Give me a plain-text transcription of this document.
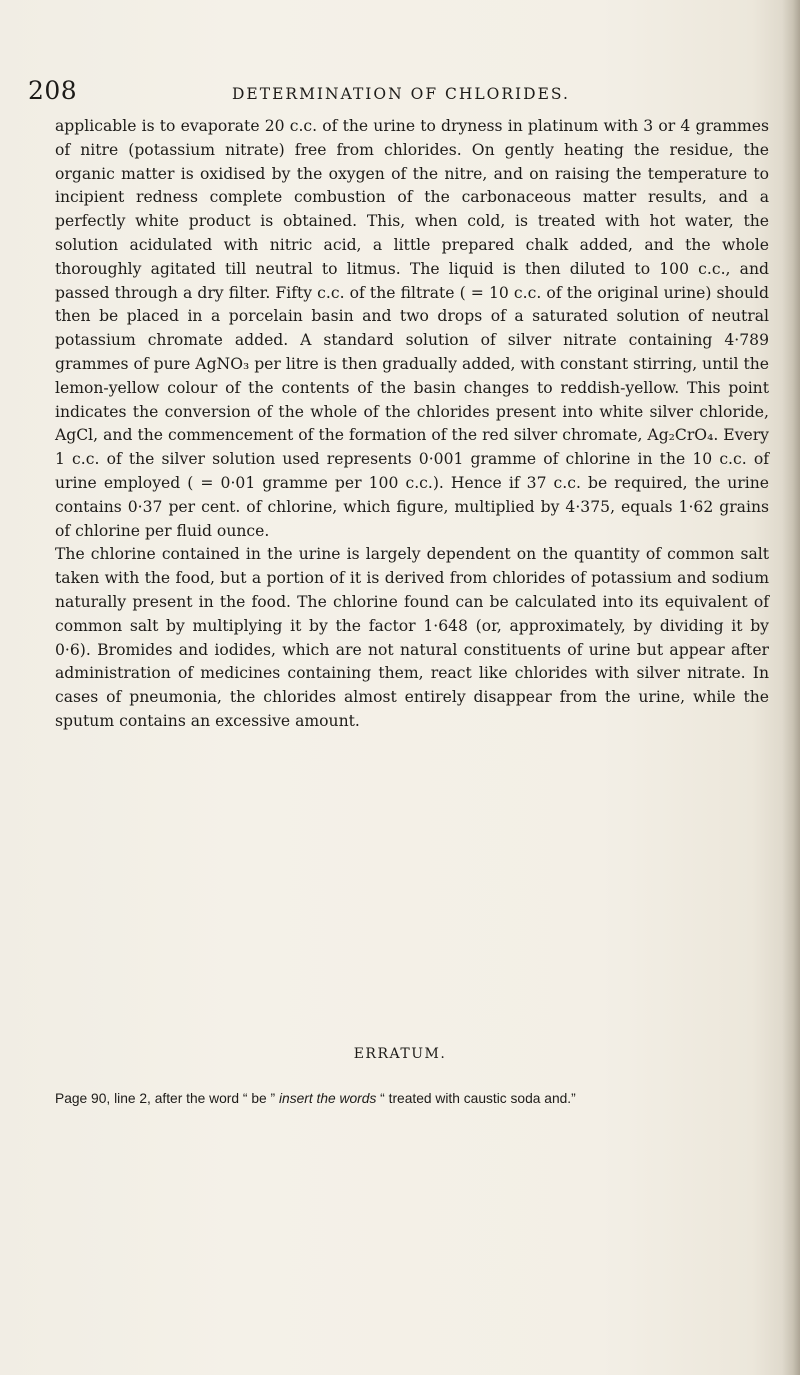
208	DETERMINATION OF CHLORIDES.

applicable is to evaporate 20 c.c. of the urine to dryness in platinum with 3 or 4 grammes of nitre (potassium nitrate) free from chlorides. On gently heating the residue, the organic matter is oxidised by the oxygen of the nitre, and on raising the temperature to incipient redness complete combustion of the carbonaceous matter results, and a perfectly white product is obtained. This, when cold, is treated with hot water, the solution acidulated with nitric acid, a little prepared chalk added, and the whole thoroughly agitated till neutral to litmus. The liquid is then diluted to 100 c.c., and passed through a dry filter. Fifty c.c. of the filtrate ( = 10 c.c. of the original urine) should then be placed in a porcelain basin and two drops of a saturated solution of neutral potassium chromate added. A standard solution of silver nitrate containing 4·789 grammes of pure AgNO₃ per litre is then gradually added, with constant stirring, until the lemon-yellow colour of the contents of the basin changes to reddish-yellow. This point indicates the conversion of the whole of the chlorides present into white silver chloride, AgCl, and the commencement of the formation of the red silver chromate, Ag₂CrO₄. Every 1 c.c. of the silver solution used represents 0·001 gramme of chlorine in the 10 c.c. of urine employed ( = 0·01 gramme per 100 c.c.). Hence if 37 c.c. be required, the urine contains 0·37 per cent. of chlorine, which figure, multiplied by 4·375, equals 1·62 grains of chlorine per fluid ounce.

The chlorine contained in the urine is largely dependent on the quantity of common salt taken with the food, but a portion of it is derived from chlorides of potassium and sodium naturally present in the food. The chlorine found can be calculated into its equivalent of common salt by multiplying it by the factor 1·648 (or, approximately, by dividing it by 0·6). Bromides and iodides, which are not natural constituents of urine but appear after administration of medicines containing them, react like chlorides with silver nitrate. In cases of pneumonia, the chlorides almost entirely disappear from the urine, while the sputum contains an excessive amount.

ERRATUM.

Page 90, line 2, after the word “ be ” insert the words “ treated with caustic soda and.”
